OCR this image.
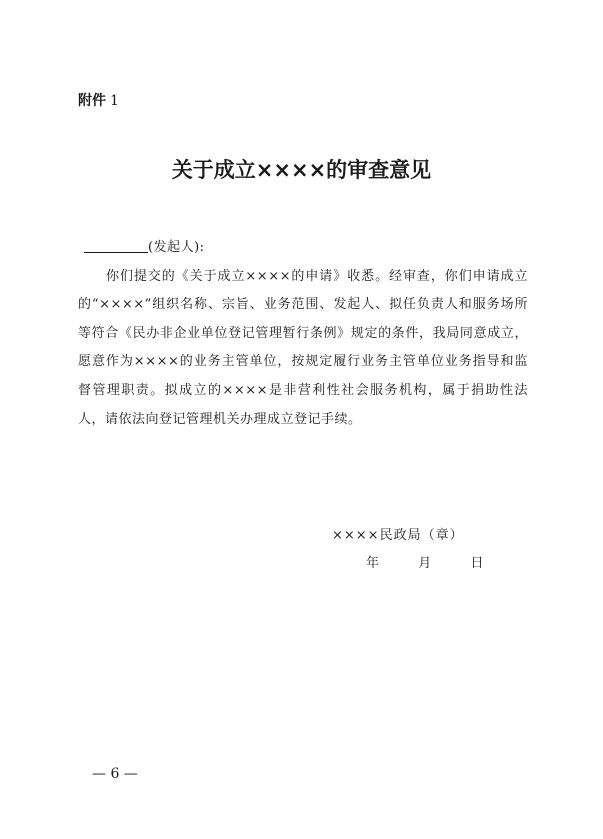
附件 1
关于成立××××的审查意见
(发起人):
你们提交的《关于成立××××的申请》收悉。经审查，你们申请成立的“××××”组织名称、宗旨、业务范围、发起人、拟任负责人和服务场所等符合《民办非企业单位登记管理暂行条例》规定的条件，我局同意成立，愿意作为××××的业务主管单位，按规定履行业务主管单位业务指导和监督管理职责。拟成立的××××是非营利性社会服务机构，属于捐助性法人，请依法向登记管理机关办理成立登记手续。
××××民政局（章）
年  月  日
— 6 —
